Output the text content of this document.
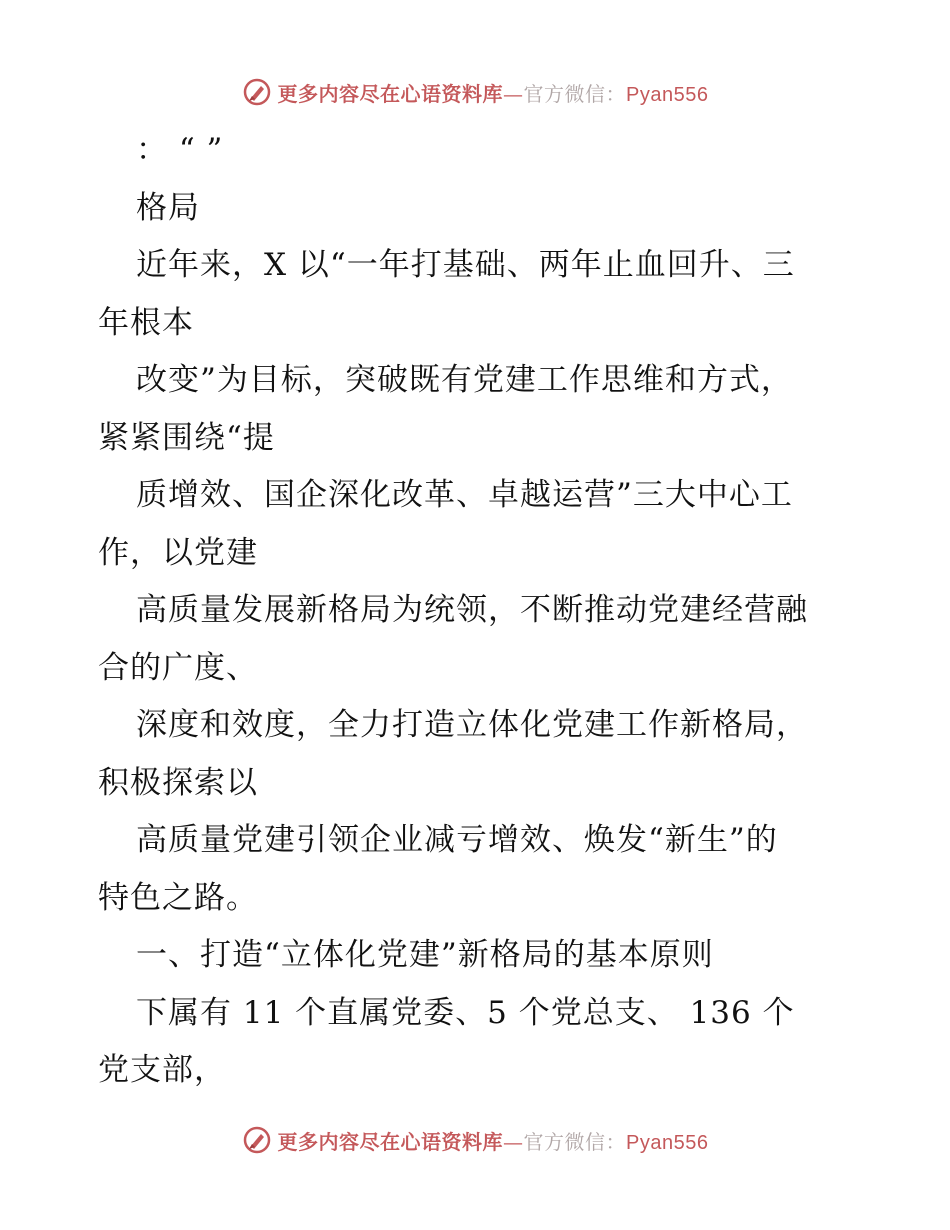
更多内容尽在心语资料库—官方微信：Pyan556
： “ ”
格局
近年来，X 以“一年打基础、两年止血回升、三
年根本
改变”为目标，突破既有党建工作思维和方式，
紧紧围绕“提
质增效、国企深化改革、卓越运营”三大中心工
作，以党建
高质量发展新格局为统领，不断推动党建经营融
合的广度、
深度和效度，全力打造立体化党建工作新格局，
积极探索以
高质量党建引领企业减亏增效、焕发“新生”的
特色之路。
一、打造“立体化党建”新格局的基本原则
下属有 11 个直属党委、5 个党总支、 136 个
党支部，
更多内容尽在心语资料库—官方微信：Pyan556
